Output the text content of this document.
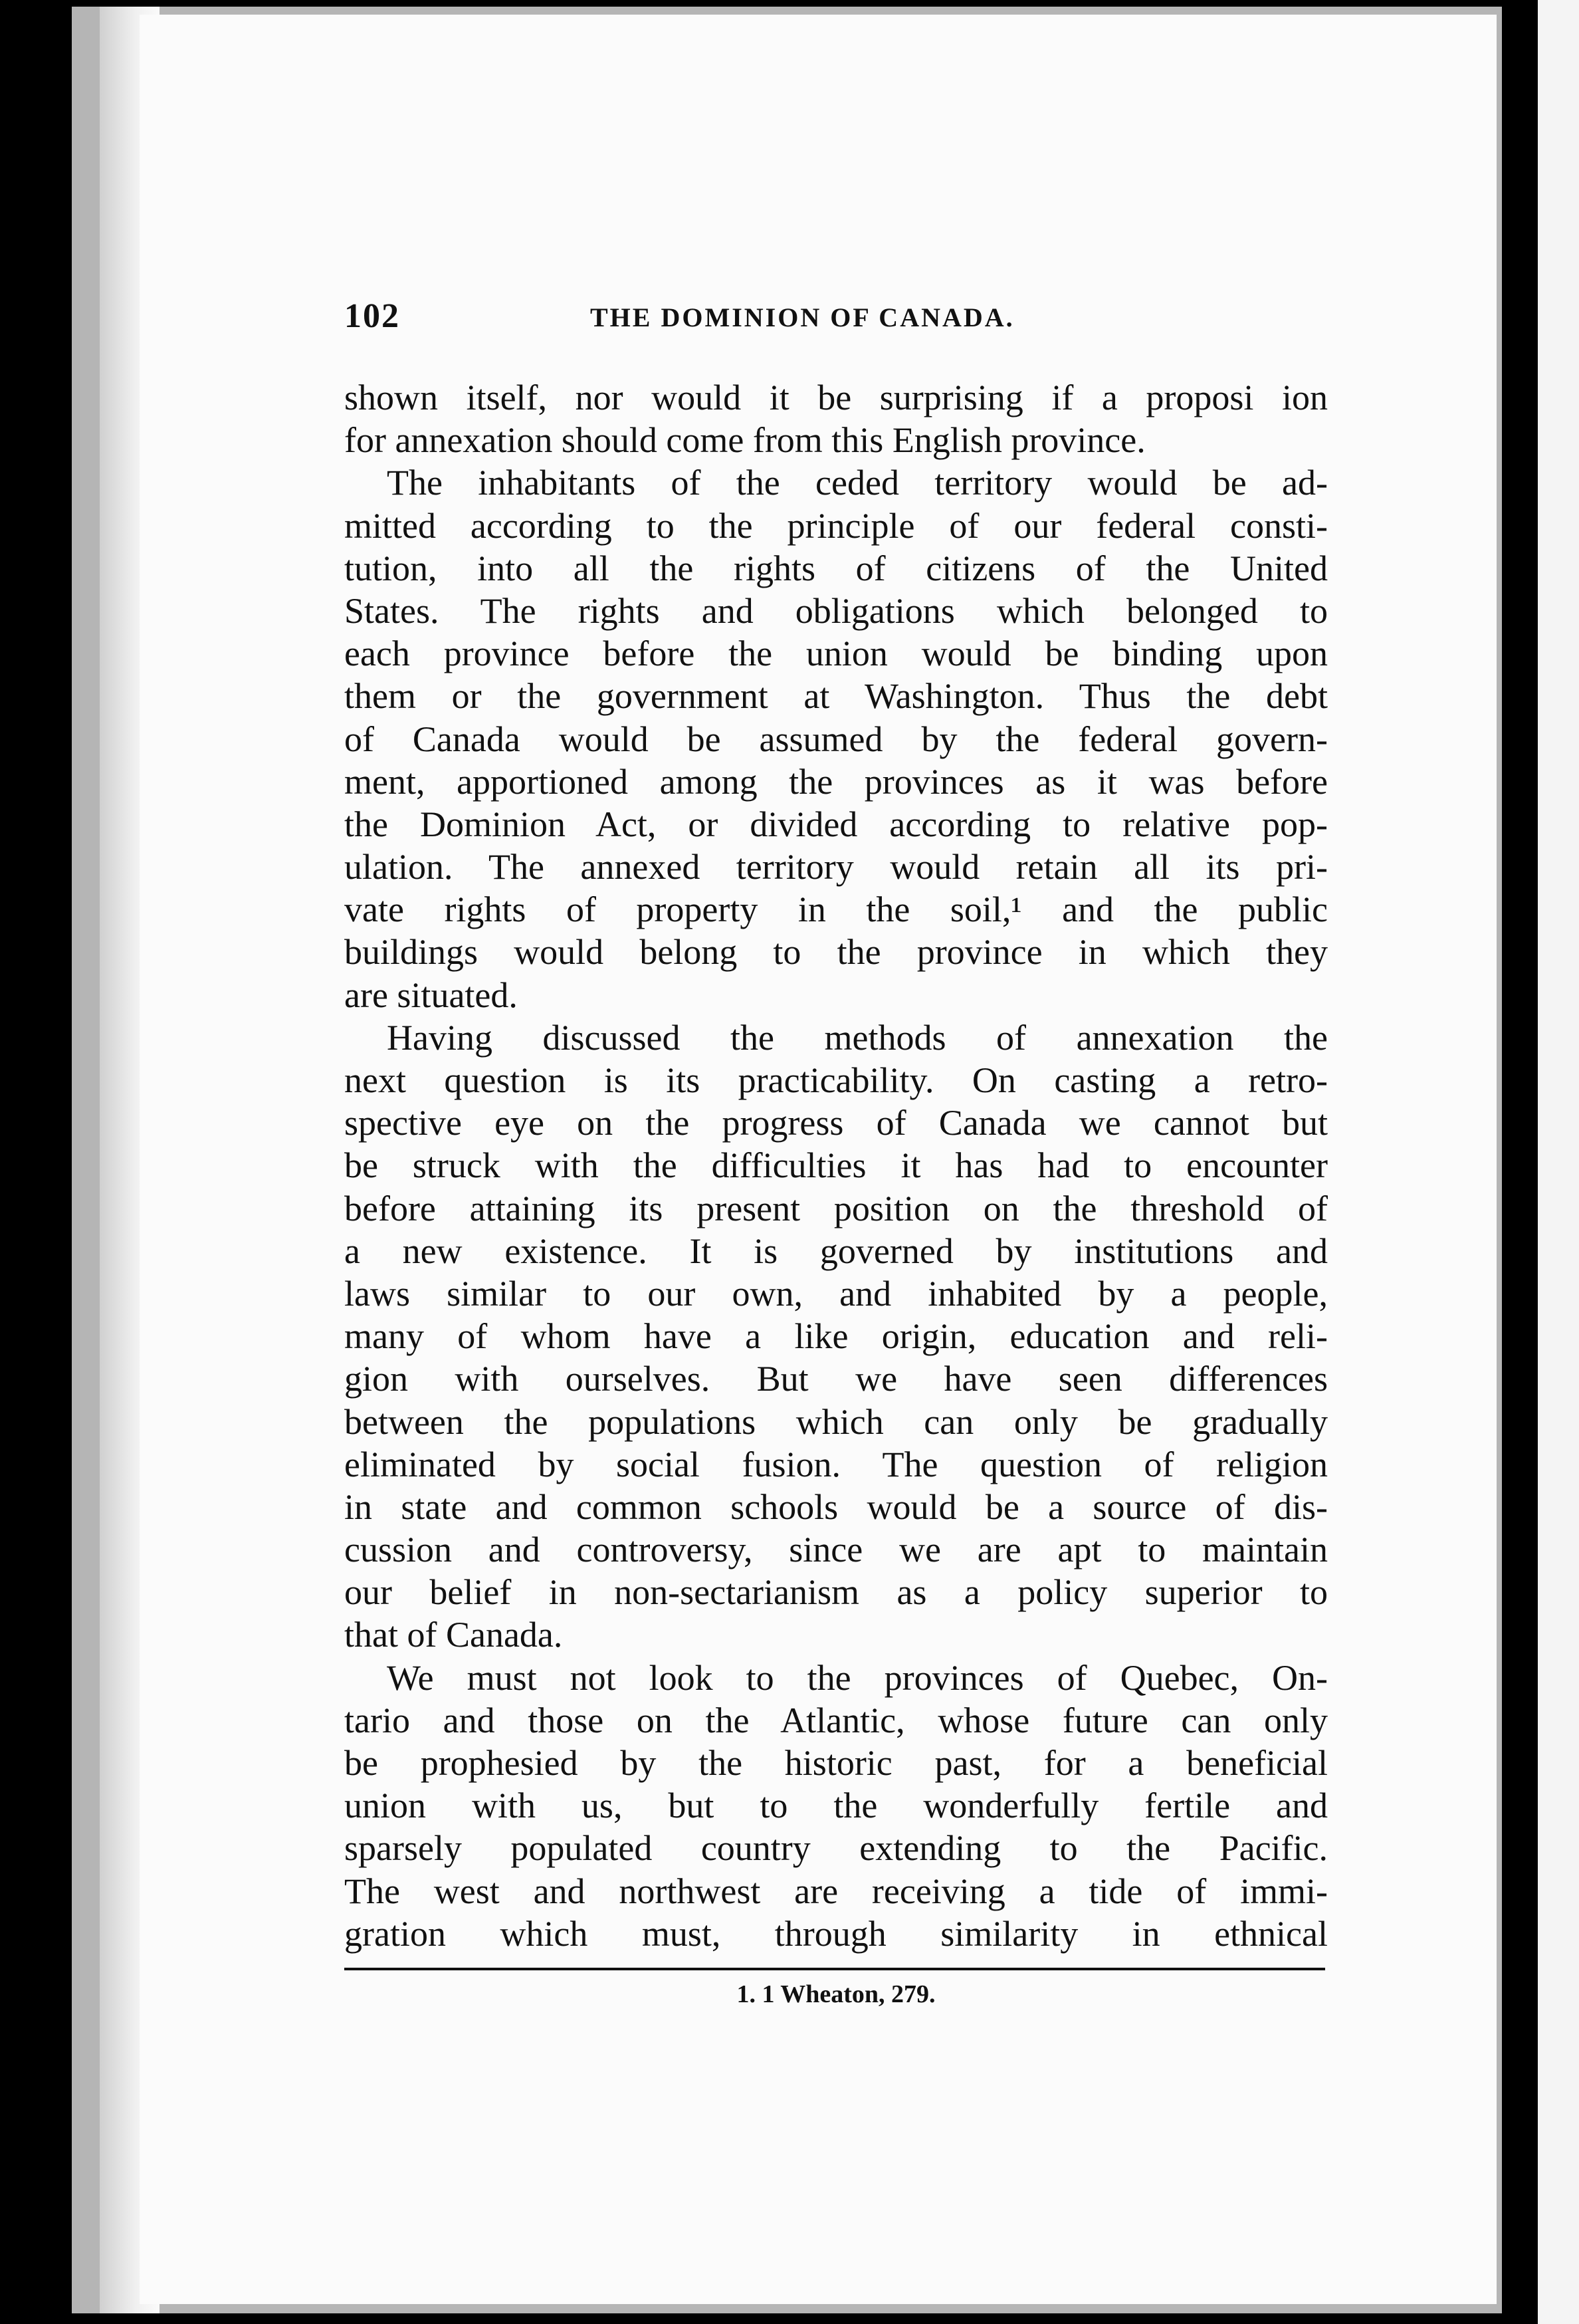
102	THE DOMINION OF CANADA.
shown itself, nor would it be surprising if a proposi ion
for annexation should come from this English province.
The inhabitants of the ceded territory would be ad-
mitted according to the principle of our federal consti-
tution, into all the rights of citizens of the United
States. The rights and obligations which belonged to
each province before the union would be binding upon
them or the government at Washington. Thus the debt
of Canada would be assumed by the federal govern-
ment, apportioned among the provinces as it was before
the Dominion Act, or divided according to relative pop-
ulation. The annexed territory would retain all its pri-
vate rights of property in the soil,¹ and the public
buildings would belong to the province in which they
are situated.
Having discussed the methods of annexation the
next question is its practicability. On casting a retro-
spective eye on the progress of Canada we cannot but
be struck with the difficulties it has had to encounter
before attaining its present position on the threshold of
a new existence. It is governed by institutions and
laws similar to our own, and inhabited by a people,
many of whom have a like origin, education and reli-
gion with ourselves. But we have seen differences
between the populations which can only be gradually
eliminated by social fusion. The question of religion
in state and common schools would be a source of dis-
cussion and controversy, since we are apt to maintain
our belief in non-sectarianism as a policy superior to
that of Canada.
We must not look to the provinces of Quebec, On-
tario and those on the Atlantic, whose future can only
be prophesied by the historic past, for a beneficial
union with us, but to the wonderfully fertile and
sparsely populated country extending to the Pacific.
The west and northwest are receiving a tide of immi-
gration which must, through similarity in ethnical
1. 1 Wheaton, 279.
